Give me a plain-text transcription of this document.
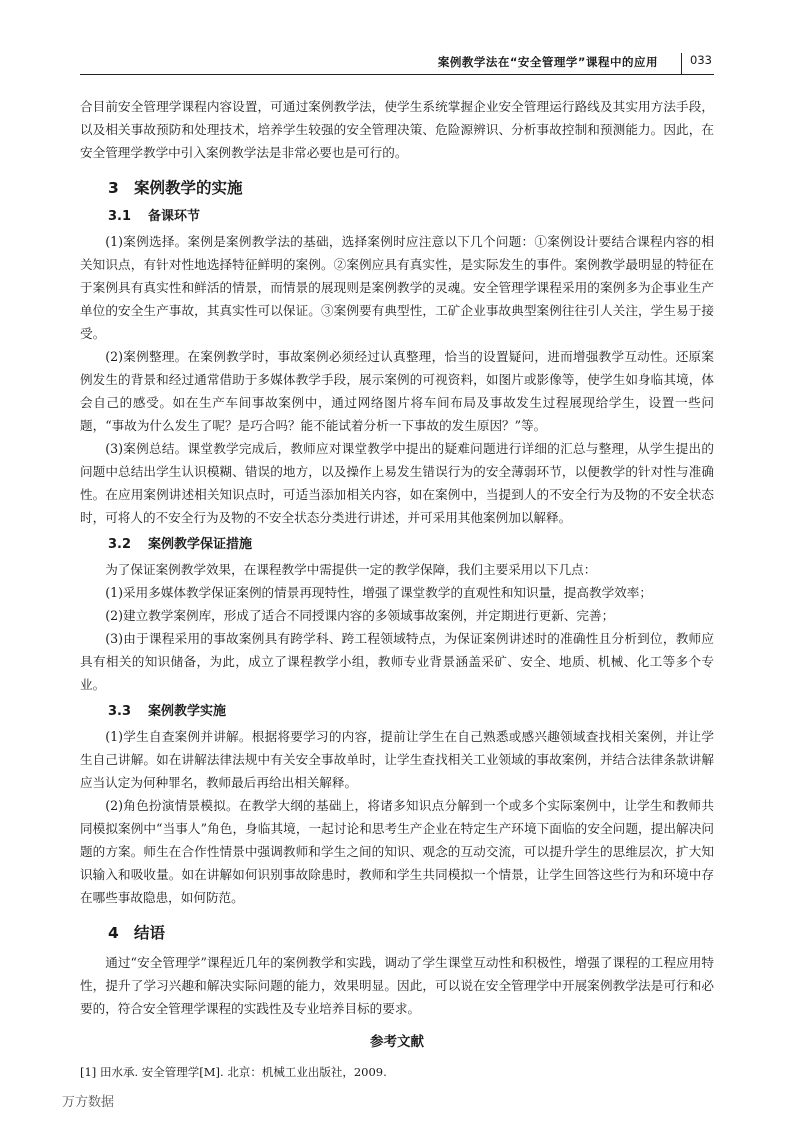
案例教学法在“安全管理学”课程中的应用	033

合目前安全管理学课程内容设置，可通过案例教学法，使学生系统掌握企业安全管理运行路线及其实用方法手段，以及相关事故预防和处理技术，培养学生较强的安全管理决策、危险源辨识、分析事故控制和预测能力。因此，在安全管理学教学中引入案例教学法是非常必要也是可行的。

3 案例教学的实施
3.1 备课环节

(1)案例选择。案例是案例教学法的基础，选择案例时应注意以下几个问题：①案例设计要结合课程内容的相关知识点，有针对性地选择特征鲜明的案例。②案例应具有真实性，是实际发生的事件。案例教学最明显的特征在于案例具有真实性和鲜活的情景，而情景的展现则是案例教学的灵魂。安全管理学课程采用的案例多为企事业生产单位的安全生产事故，其真实性可以保证。③案例要有典型性，工矿企业事故典型案例往往引人关注，学生易于接受。

(2)案例整理。在案例教学时，事故案例必须经过认真整理，恰当的设置疑问，进而增强教学互动性。还原案例发生的背景和经过通常借助于多媒体教学手段，展示案例的可视资料，如图片或影像等，使学生如身临其境，体会自己的感受。如在生产车间事故案例中，通过网络图片将车间布局及事故发生过程展现给学生，设置一些问题，“事故为什么发生了呢？是巧合吗？能不能试着分析一下事故的发生原因？”等。

(3)案例总结。课堂教学完成后，教师应对课堂教学中提出的疑难问题进行详细的汇总与整理，从学生提出的问题中总结出学生认识模糊、错误的地方，以及操作上易发生错误行为的安全薄弱环节，以便教学的针对性与准确性。在应用案例讲述相关知识点时，可适当添加相关内容，如在案例中，当提到人的不安全行为及物的不安全状态时，可将人的不安全行为及物的不安全状态分类进行讲述，并可采用其他案例加以解释。

3.2 案例教学保证措施

为了保证案例教学效果，在课程教学中需提供一定的教学保障，我们主要采用以下几点：

(1)采用多媒体教学保证案例的情景再现特性，增强了课堂教学的直观性和知识量，提高教学效率；

(2)建立教学案例库，形成了适合不同授课内容的多领域事故案例，并定期进行更新、完善；

(3)由于课程采用的事故案例具有跨学科、跨工程领域特点，为保证案例讲述时的准确性且分析到位，教师应具有相关的知识储备，为此，成立了课程教学小组，教师专业背景涵盖采矿、安全、地质、机械、化工等多个专业。

3.3 案例教学实施

(1)学生自查案例并讲解。根据将要学习的内容，提前让学生在自己熟悉或感兴趣领域查找相关案例，并让学生自己讲解。如在讲解法律法规中有关安全事故单时，让学生查找相关工业领域的事故案例，并结合法律条款讲解应当认定为何种罪名，教师最后再给出相关解释。

(2)角色扮演情景模拟。在教学大纲的基础上，将诸多知识点分解到一个或多个实际案例中，让学生和教师共同模拟案例中“当事人”角色，身临其境，一起讨论和思考生产企业在特定生产环境下面临的安全问题，提出解决问题的方案。师生在合作性情景中强调教师和学生之间的知识、观念的互动交流，可以提升学生的思维层次，扩大知识输入和吸收量。如在讲解如何识别事故除患时，教师和学生共同模拟一个情景，让学生回答这些行为和环境中存在哪些事故隐患，如何防范。

4 结语

通过“安全管理学”课程近几年的案例教学和实践，调动了学生课堂互动性和积极性，增强了课程的工程应用特性，提升了学习兴趣和解决实际问题的能力，效果明显。因此，可以说在安全管理学中开展案例教学法是可行和必要的，符合安全管理学课程的实践性及专业培养目标的要求。

参考文献

[1] 田水承. 安全管理学[M]. 北京：机械工业出版社，2009.

万方数据
